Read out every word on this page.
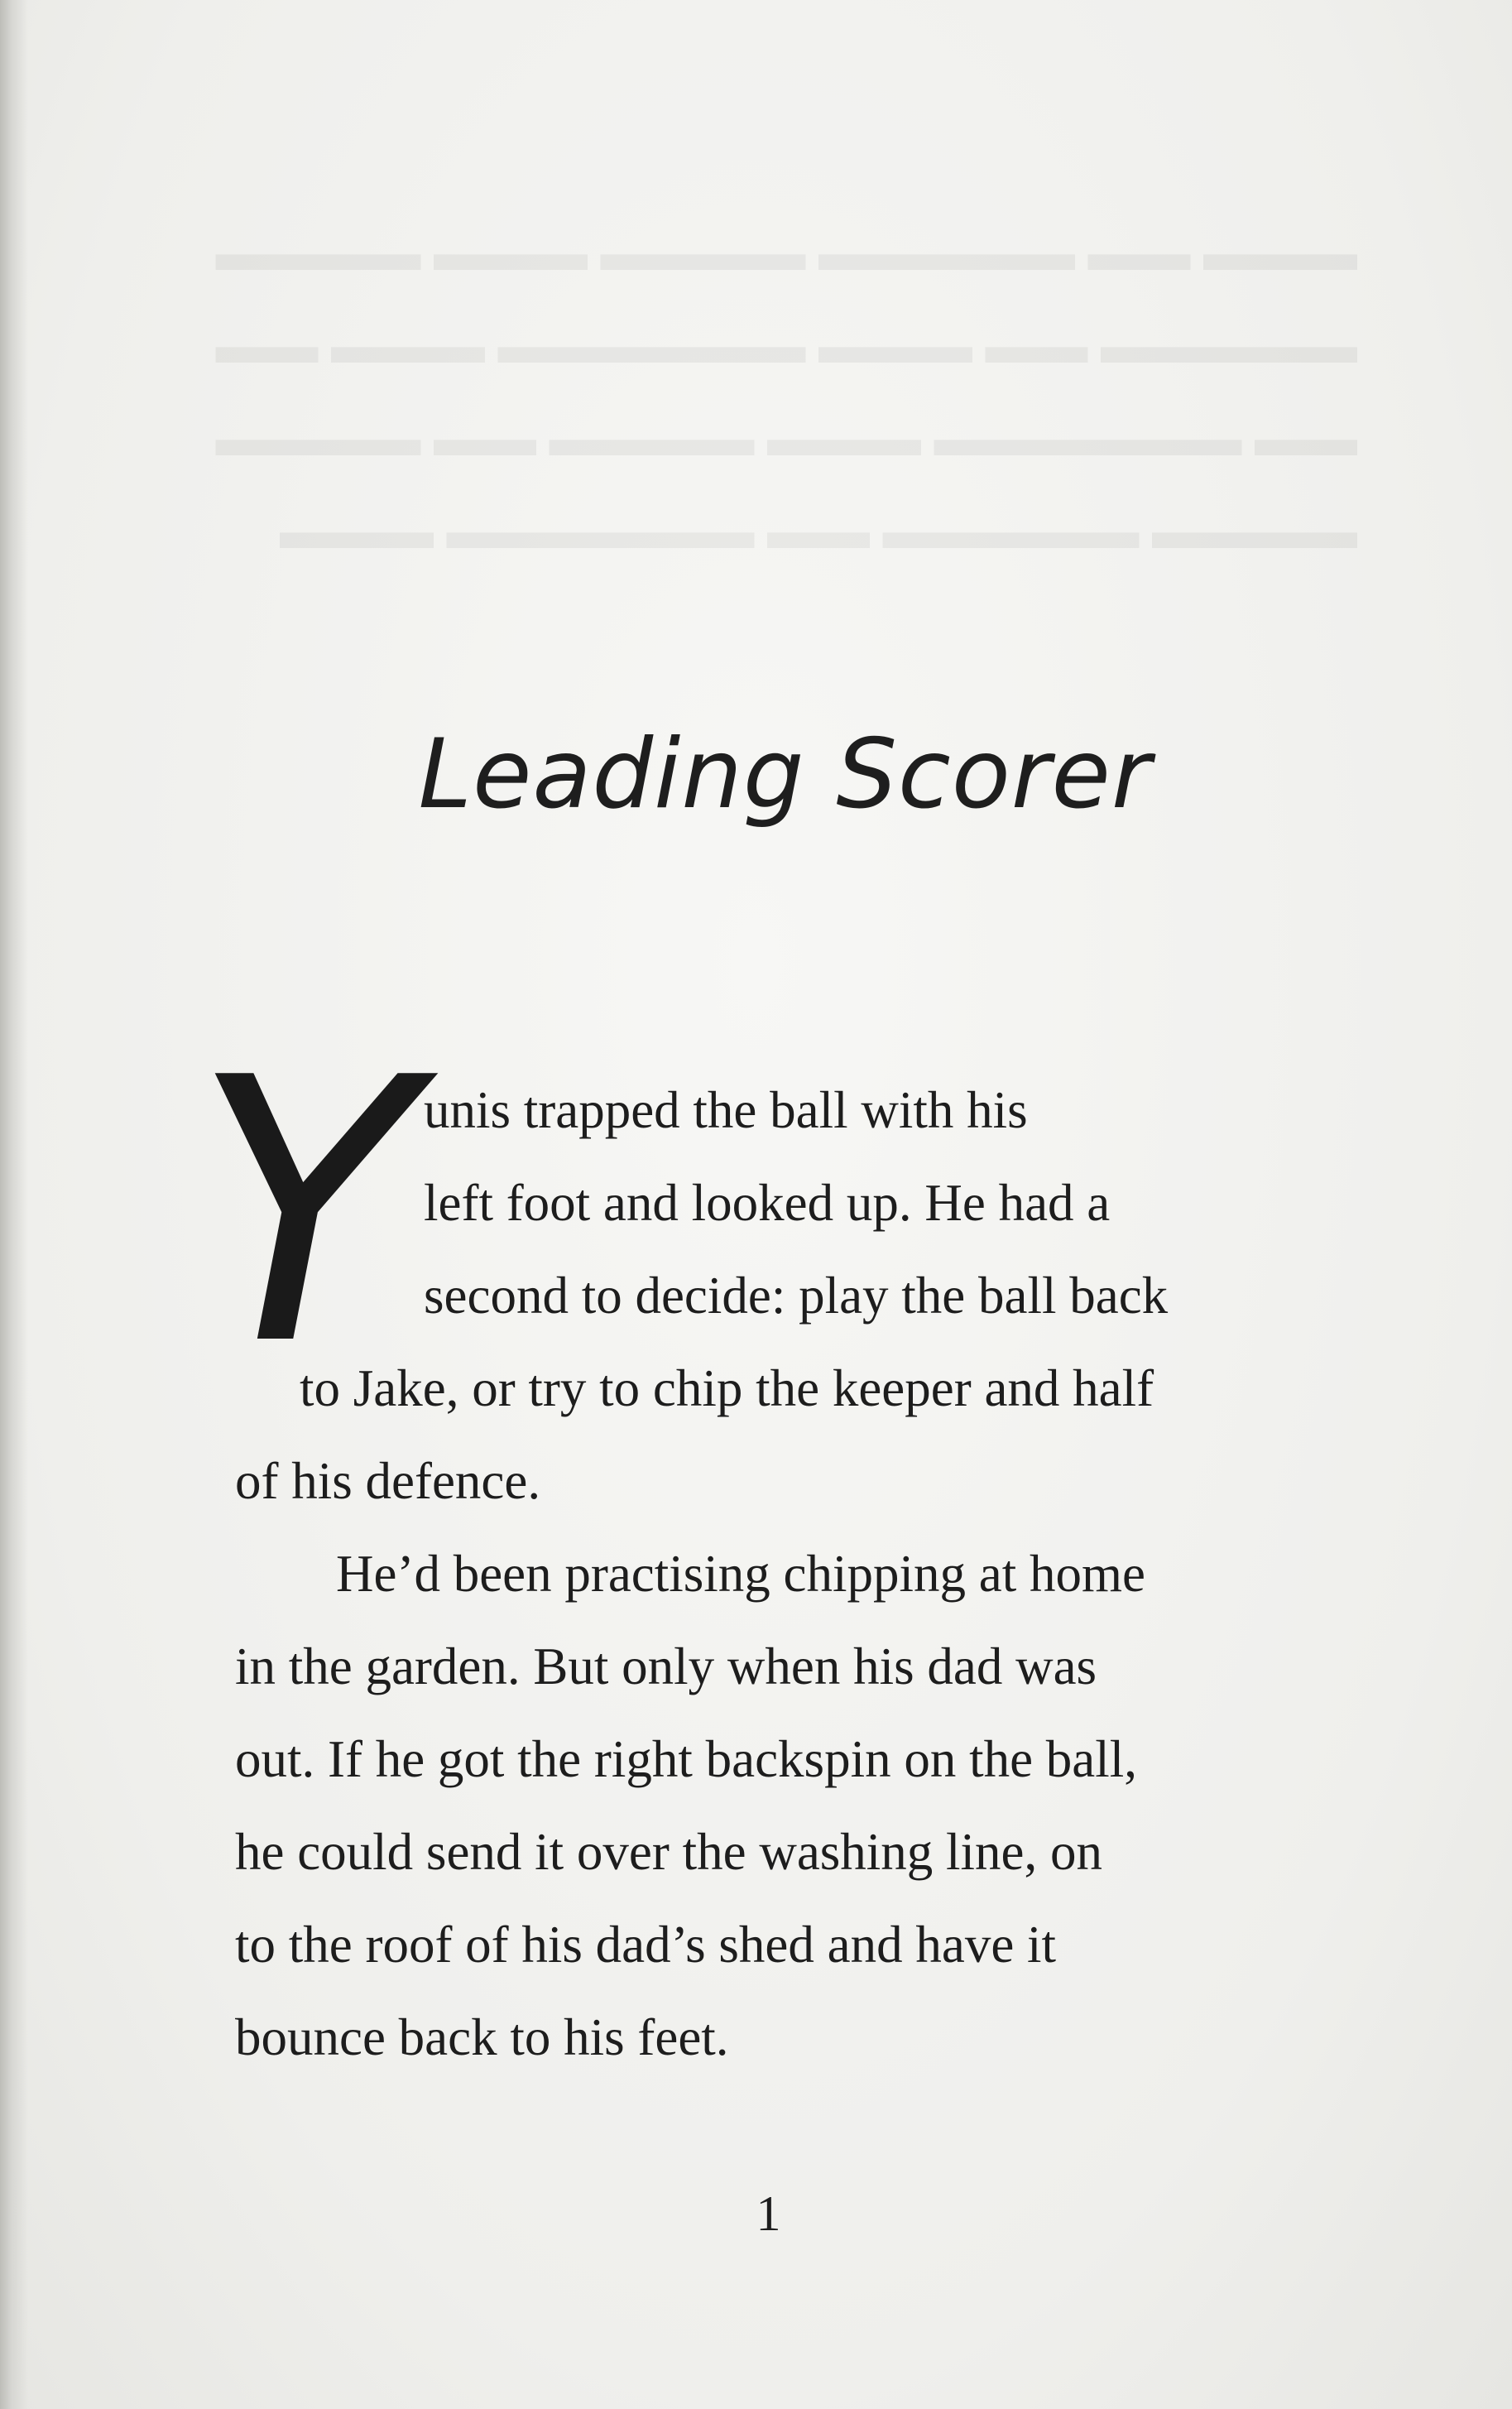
▬▬▬ ▬▬ ▬▬▬▬▬ ▬▬▬▬ ▬▬▬ ▬▬▬▬
▬▬▬▬▬ ▬▬ ▬▬▬ ▬▬▬▬▬▬ ▬▬▬ ▬▬
▬▬ ▬▬▬▬▬▬ ▬▬▬ ▬▬▬▬ ▬▬ ▬▬▬▬
▬▬▬▬ ▬▬▬▬▬ ▬▬ ▬▬▬▬▬▬ ▬▬▬
Leading Scorer
Y unis trapped the ball with his
left foot and looked up. He had a
second to decide: play the ball back
to Jake, or try to chip the keeper and half
of his defence.
He’d been practising chipping at home
in the garden. But only when his dad was
out. If he got the right backspin on the ball,
he could send it over the washing line, on
to the roof of his dad’s shed and have it
bounce back to his feet.
1
